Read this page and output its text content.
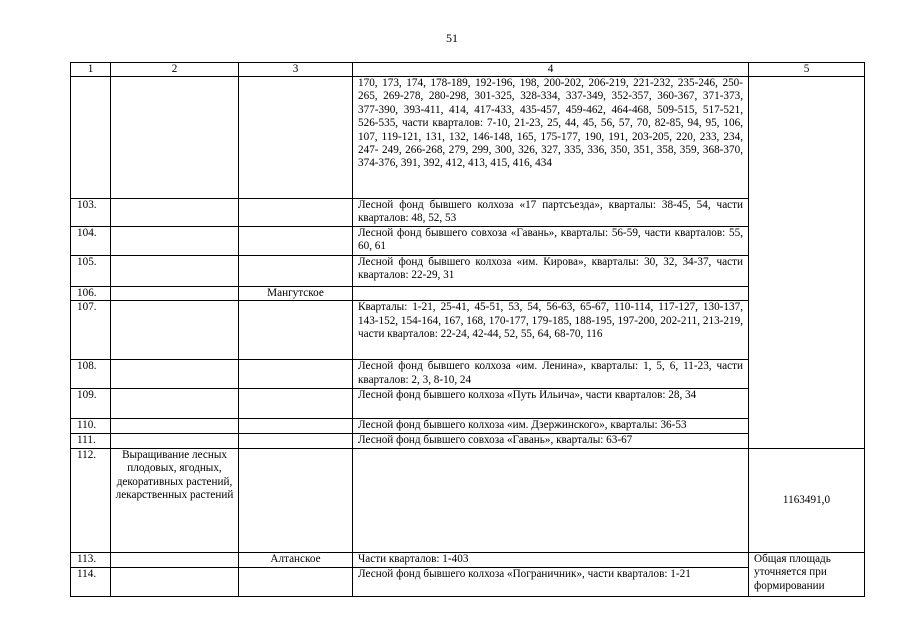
51
1	2	3	4	5
			170, 173, 174, 178-189, 192-196, 198, 200-202, 206-219, 221-232, 235-246, 250-265, 269-278, 280-298, 301-325, 328-334, 337-349, 352-357, 360-367, 371-373, 377-390, 393-411, 414, 417-433, 435-457, 459-462, 464-468, 509-515, 517-521, 526-535, части кварталов: 7-10, 21-23, 25, 44, 45, 56, 57, 70, 82-85, 94, 95, 106, 107, 119-121, 131, 132, 146-148, 165, 175-177, 190, 191, 203-205, 220, 233, 234, 247- 249, 266-268, 279, 299, 300, 326, 327, 335, 336, 350, 351, 358, 359, 368-370, 374-376, 391, 392, 412, 413, 415, 416, 434	
103.			Лесной фонд бывшего колхоза «17 партсъезда», кварталы: 38-45, 54, части кварталов: 48, 52, 53	
104.			Лесной фонд бывшего совхоза «Гавань», кварталы: 56-59, части кварталов: 55, 60, 61	
105.			Лесной фонд бывшего колхоза «им. Кирова», кварталы: 30, 32, 34-37, части кварталов: 22-29, 31	
106.		Мангутское		
107.			Кварталы: 1-21, 25-41, 45-51, 53, 54, 56-63, 65-67, 110-114, 117-127, 130-137, 143-152, 154-164, 167, 168, 170-177, 179-185, 188-195, 197-200, 202-211, 213-219, части кварталов: 22-24, 42-44, 52, 55, 64, 68-70, 116	
108.			Лесной фонд бывшего колхоза «им. Ленина», кварталы: 1, 5, 6, 11-23, части кварталов: 2, 3, 8-10, 24	
109.			Лесной фонд бывшего колхоза «Путь Ильича», части кварталов: 28, 34	
110.			Лесной фонд бывшего колхоза «им. Дзержинского», кварталы: 36-53	
111.			Лесной фонд бывшего совхоза «Гавань», кварталы: 63-67	
112.	Выращивание лесных плодовых, ягодных, декоративных растений, лекарственных растений			1163491,0
113.		Алтанское	Части кварталов: 1-403	Общая площадь уточняется при формировании
114.			Лесной фонд бывшего колхоза «Пограничник», части кварталов: 1-21	
